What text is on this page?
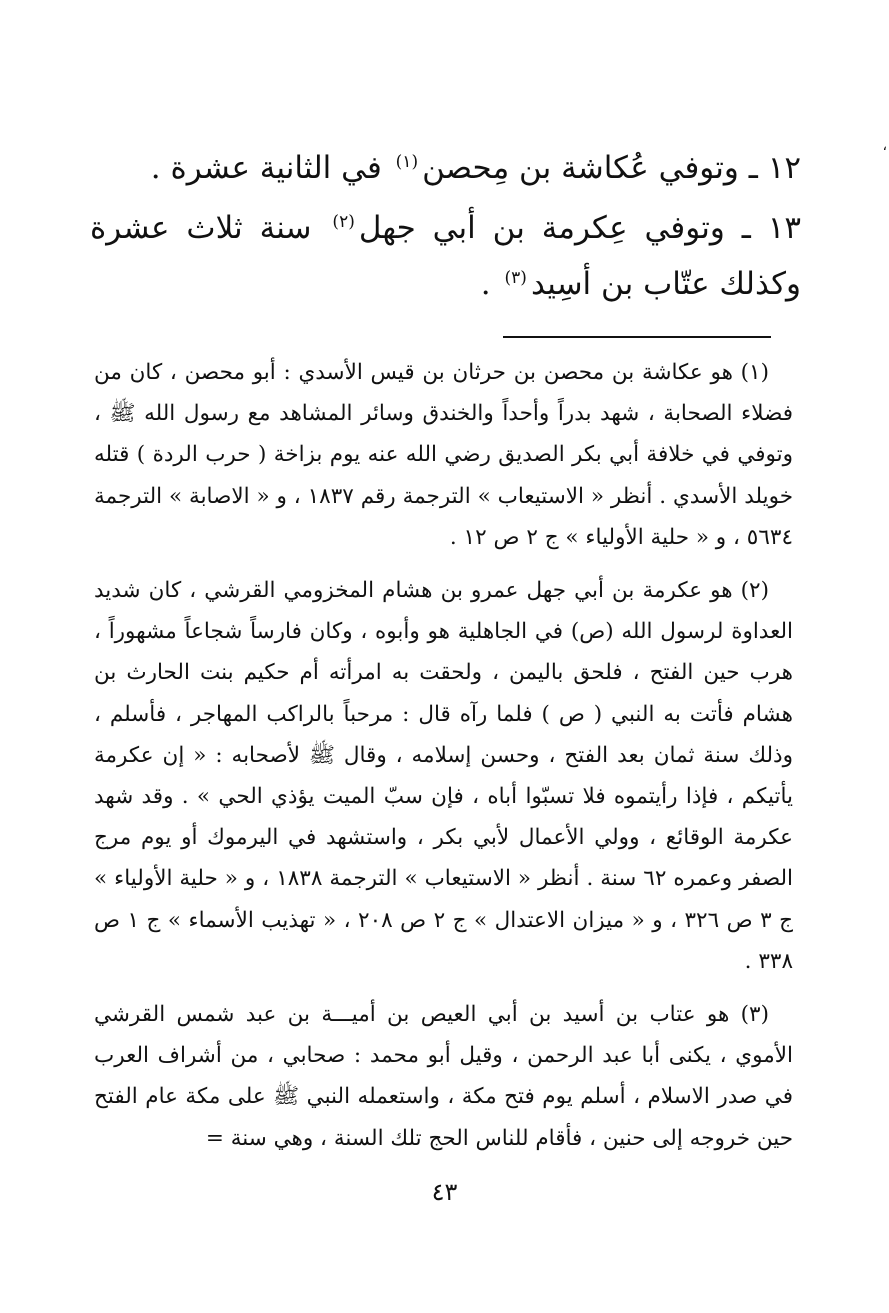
،

١٢ ـ وتوفي عُكاشة بن مِحصن$^{(١)}$ في الثانية عشرة .

١٣ ـ وتوفي عِكرمة بن أبي جهل$^{(٢)}$ سنة ثلاث عشرة وكذلك عتّاب بن أسِيد$^{(٣)}$ .

(١) هو عكاشة بن محصن بن حرثان بن قيس الأسدي : أبو محصن ، كان من فضلاء الصحابة ، شهد بدراً وأحداً والخندق وسائر المشاهد مع رسول الله ﷺ ، وتوفي في خلافة أبي بكر الصديق رضي الله عنه يوم بزاخة ( حرب الردة ) قتله خويلد الأسدي . أنظر « الاستيعاب » الترجمة رقم ١٨٣٧ ، و « الاصابة » الترجمة ٥٦٣٤ ، و « حلية الأولياء » ج ٢ ص ١٢ .

(٢) هو عكرمة بن أبي جهل عمرو بن هشام المخزومي القرشي ، كان شديد العداوة لرسول الله (ص) في الجاهلية هو وأبوه ، وكان فارساً شجاعاً مشهوراً ، هرب حين الفتح ، فلحق باليمن ، ولحقت به امرأته أم حكيم بنت الحارث بن هشام فأتت به النبي ( ص ) فلما رآه قال : مرحباً بالراكب المهاجر ، فأسلم ، وذلك سنة ثمان بعد الفتح ، وحسن إسلامه ، وقال ﷺ لأصحابه : « إن عكرمة يأتيكم ، فإذا رأيتموه فلا تسبّوا أباه ، فإن سبّ الميت يؤذي الحي » . وقد شهد عكرمة الوقائع ، وولي الأعمال لأبي بكر ، واستشهد في اليرموك أو يوم مرج الصفر وعمره ٦٢ سنة . أنظر « الاستيعاب » الترجمة ١٨٣٨ ، و « حلية الأولياء » ج ٣ ص ٣٢٦ ، و « ميزان الاعتدال » ج ٢ ص ٢٠٨ ، « تهذيب الأسماء » ج ١ ص ٣٣٨ .

(٣) هو عتاب بن أسيد بن أبي العيص بن أميـــة بن عبد شمس القرشي الأموي ، يكنى أبا عبد الرحمن ، وقيل أبو محمد : صحابي ، من أشراف العرب في صدر الاسلام ، أسلم يوم فتح مكة ، واستعمله النبي ﷺ على مكة عام الفتح حين خروجه إلى حنين ، فأقام للناس الحج تلك السنة ، وهي سنة =

٤٣
